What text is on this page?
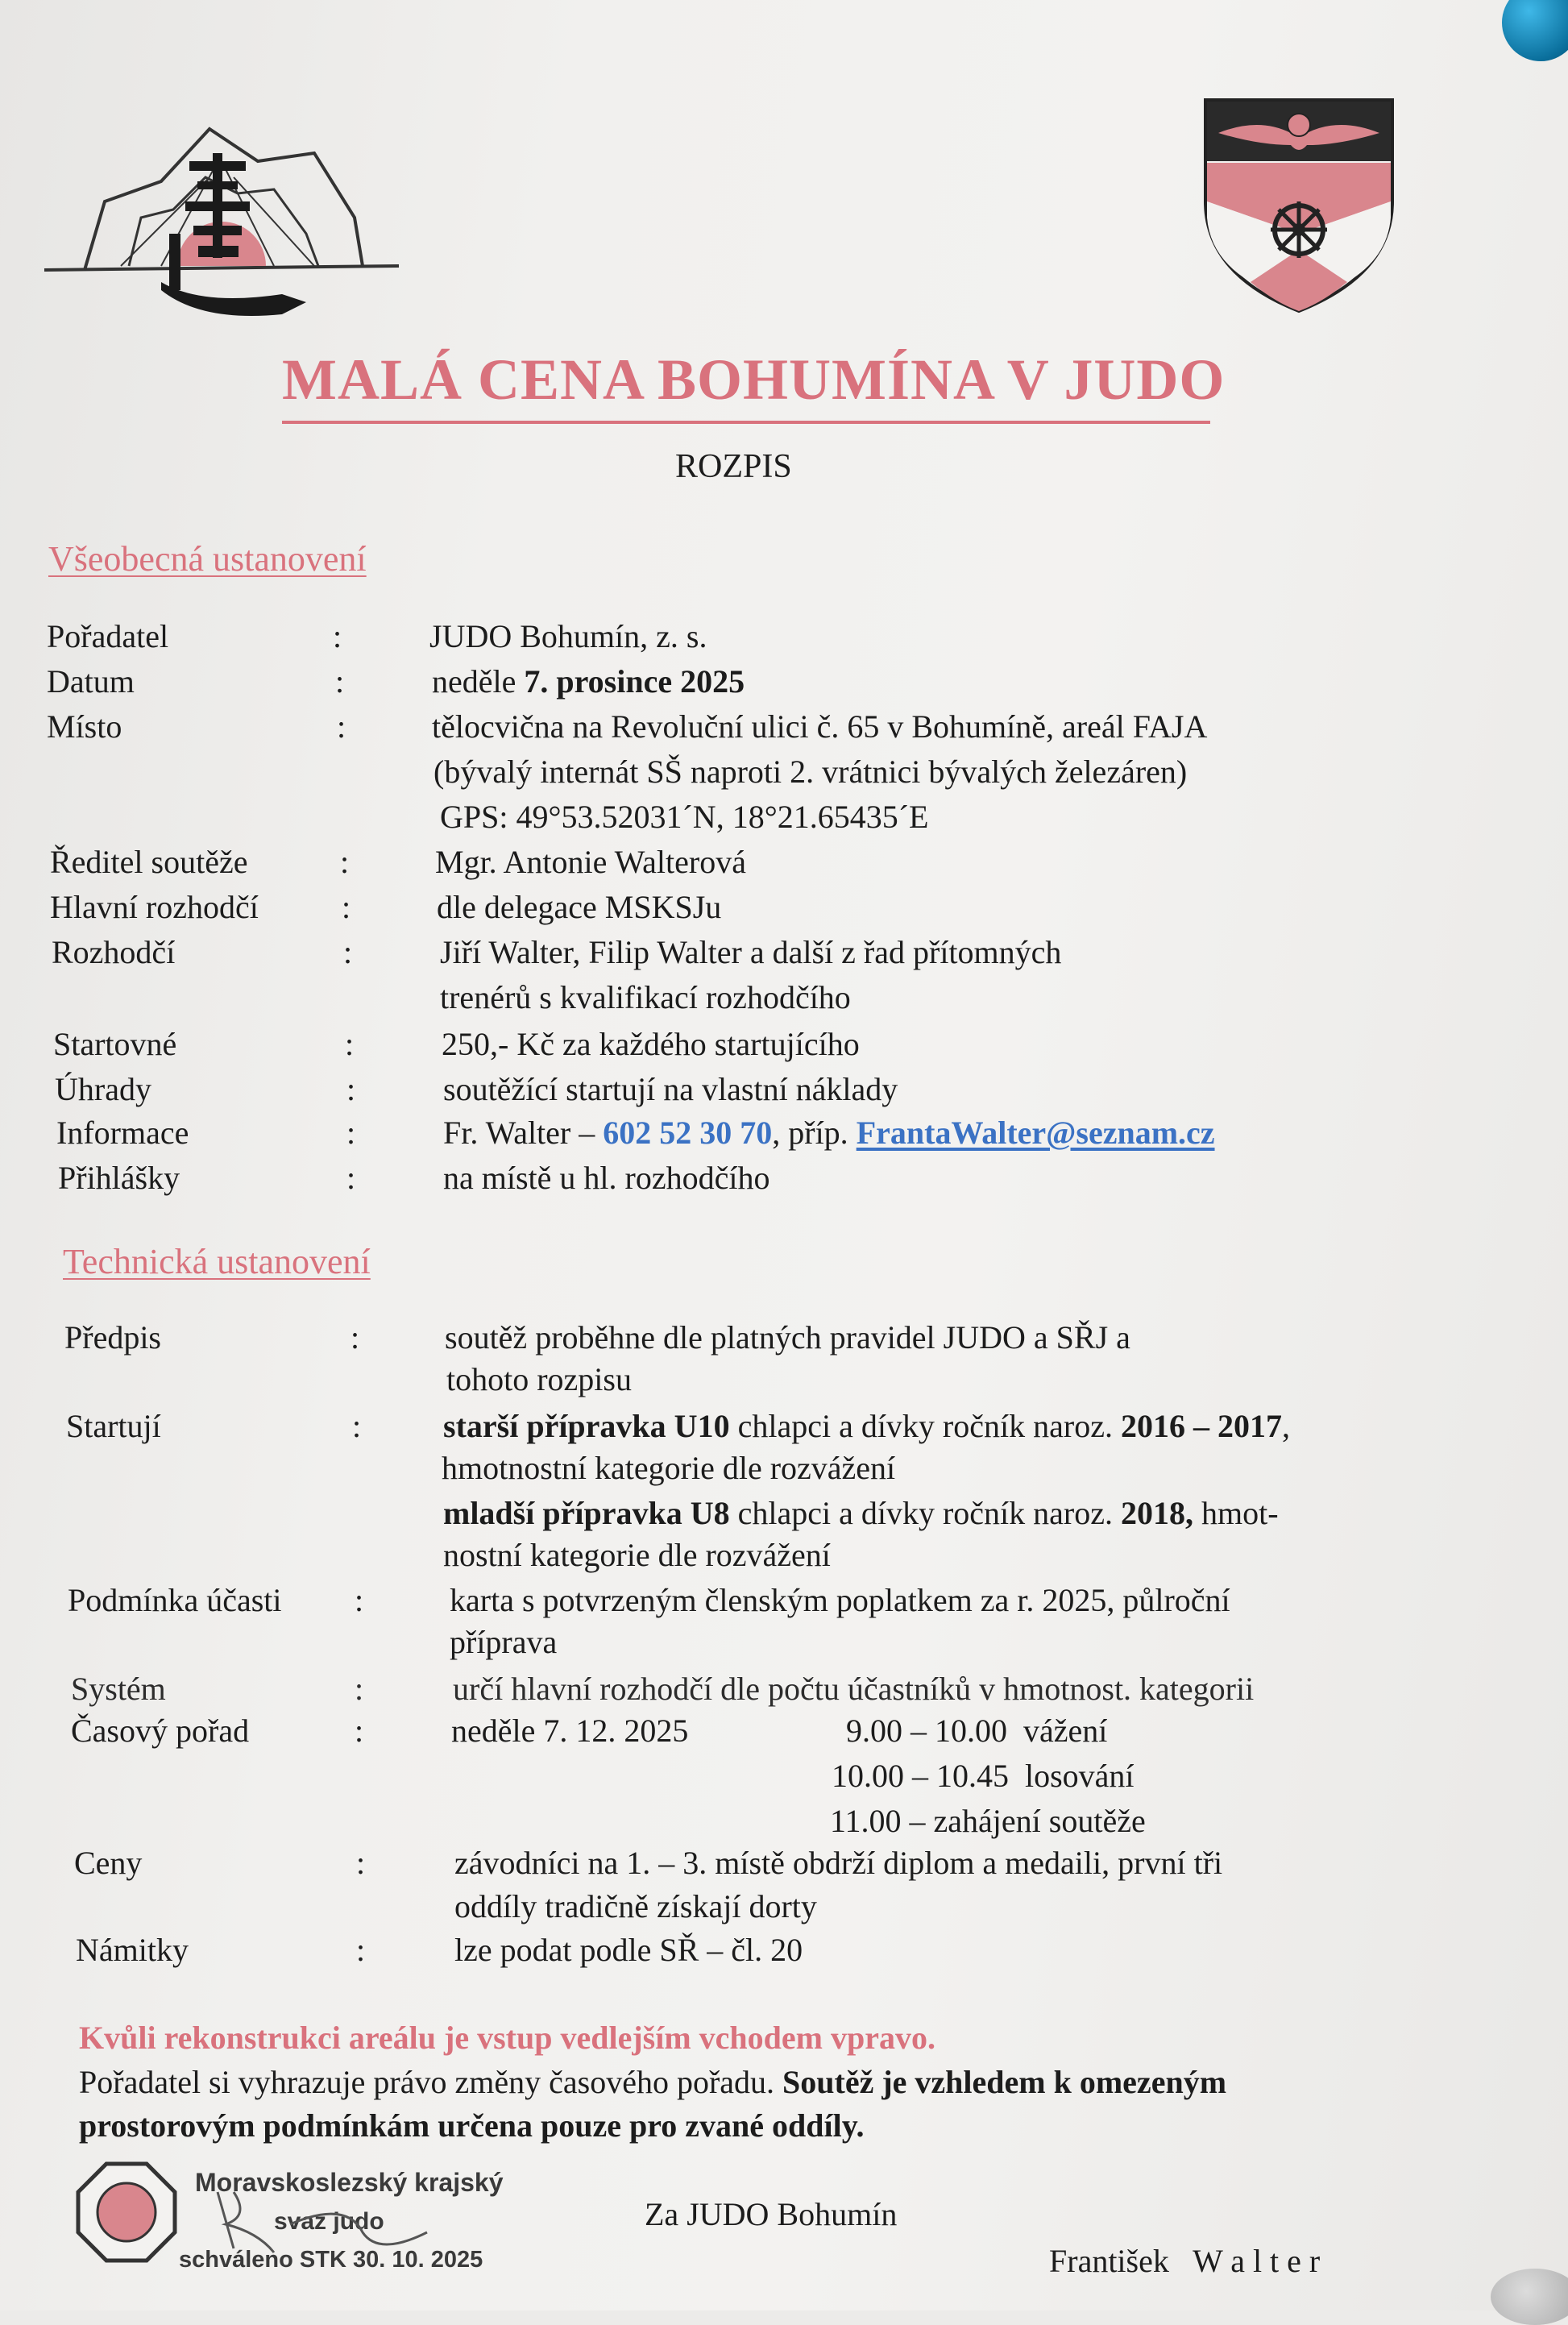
MALÁ CENA BOHUMÍNA V JUDO
ROZPIS
Všeobecná ustanovení
Pořadatel	:	JUDO Bohumín, z. s.
Datum	:	neděle 7. prosince 2025
Místo	:	tělocvična na Revoluční ulici č. 65 v Bohumíně, areál FAJA
(bývalý internát SŠ naproti 2. vrátnici bývalých železáren)
GPS: 49°53.52031´N, 18°21.65435´E
Ředitel soutěže	:	Mgr. Antonie Walterová
Hlavní rozhodčí	:	dle delegace MSKSJu
Rozhodčí	:	Jiří Walter, Filip Walter a další z řad přítomných
trenérů s kvalifikací rozhodčího
Startovné	:	250,- Kč za každého startujícího
Úhrady	:	soutěžící startují na vlastní náklady
Informace	:	Fr. Walter – 602 52 30 70, příp. FrantaWalter@seznam.cz
Přihlášky	:	na místě u hl. rozhodčího
Technická ustanovení
Předpis	:	soutěž proběhne dle platných pravidel JUDO a SŘJ a
tohoto rozpisu
Startují	:	starší přípravka U10 chlapci a dívky ročník naroz. 2016 – 2017,
hmotnostní kategorie dle rozvážení
mladší přípravka U8 chlapci a dívky ročník naroz. 2018, hmot-
nostní kategorie dle rozvážení
Podmínka účasti :	karta s potvrzeným členským poplatkem za r. 2025, půlroční
příprava
Systém	:	určí hlavní rozhodčí dle počtu účastníků v hmotnost. kategorii
Časový pořad	:	neděle 7. 12. 2025	9.00 – 10.00 vážení
10.00 – 10.45 losování
11.00 – zahájení soutěže
Ceny	:	závodníci na 1. – 3. místě obdrží diplom a medaili, první tři
oddíly tradičně získají dorty
Námitky	:	lze podat podle SŘ – čl. 20
Kvůli rekonstrukci areálu je vstup vedlejším vchodem vpravo.
Pořadatel si vyhrazuje právo změny časového pořadu. Soutěž je vzhledem k omezeným
prostorovým podmínkám určena pouze pro zvané oddíly.
Moravskoslezský krajský
svaz judo
schváleno STK 30. 10. 2025
Za JUDO Bohumín
František W a l t e r
